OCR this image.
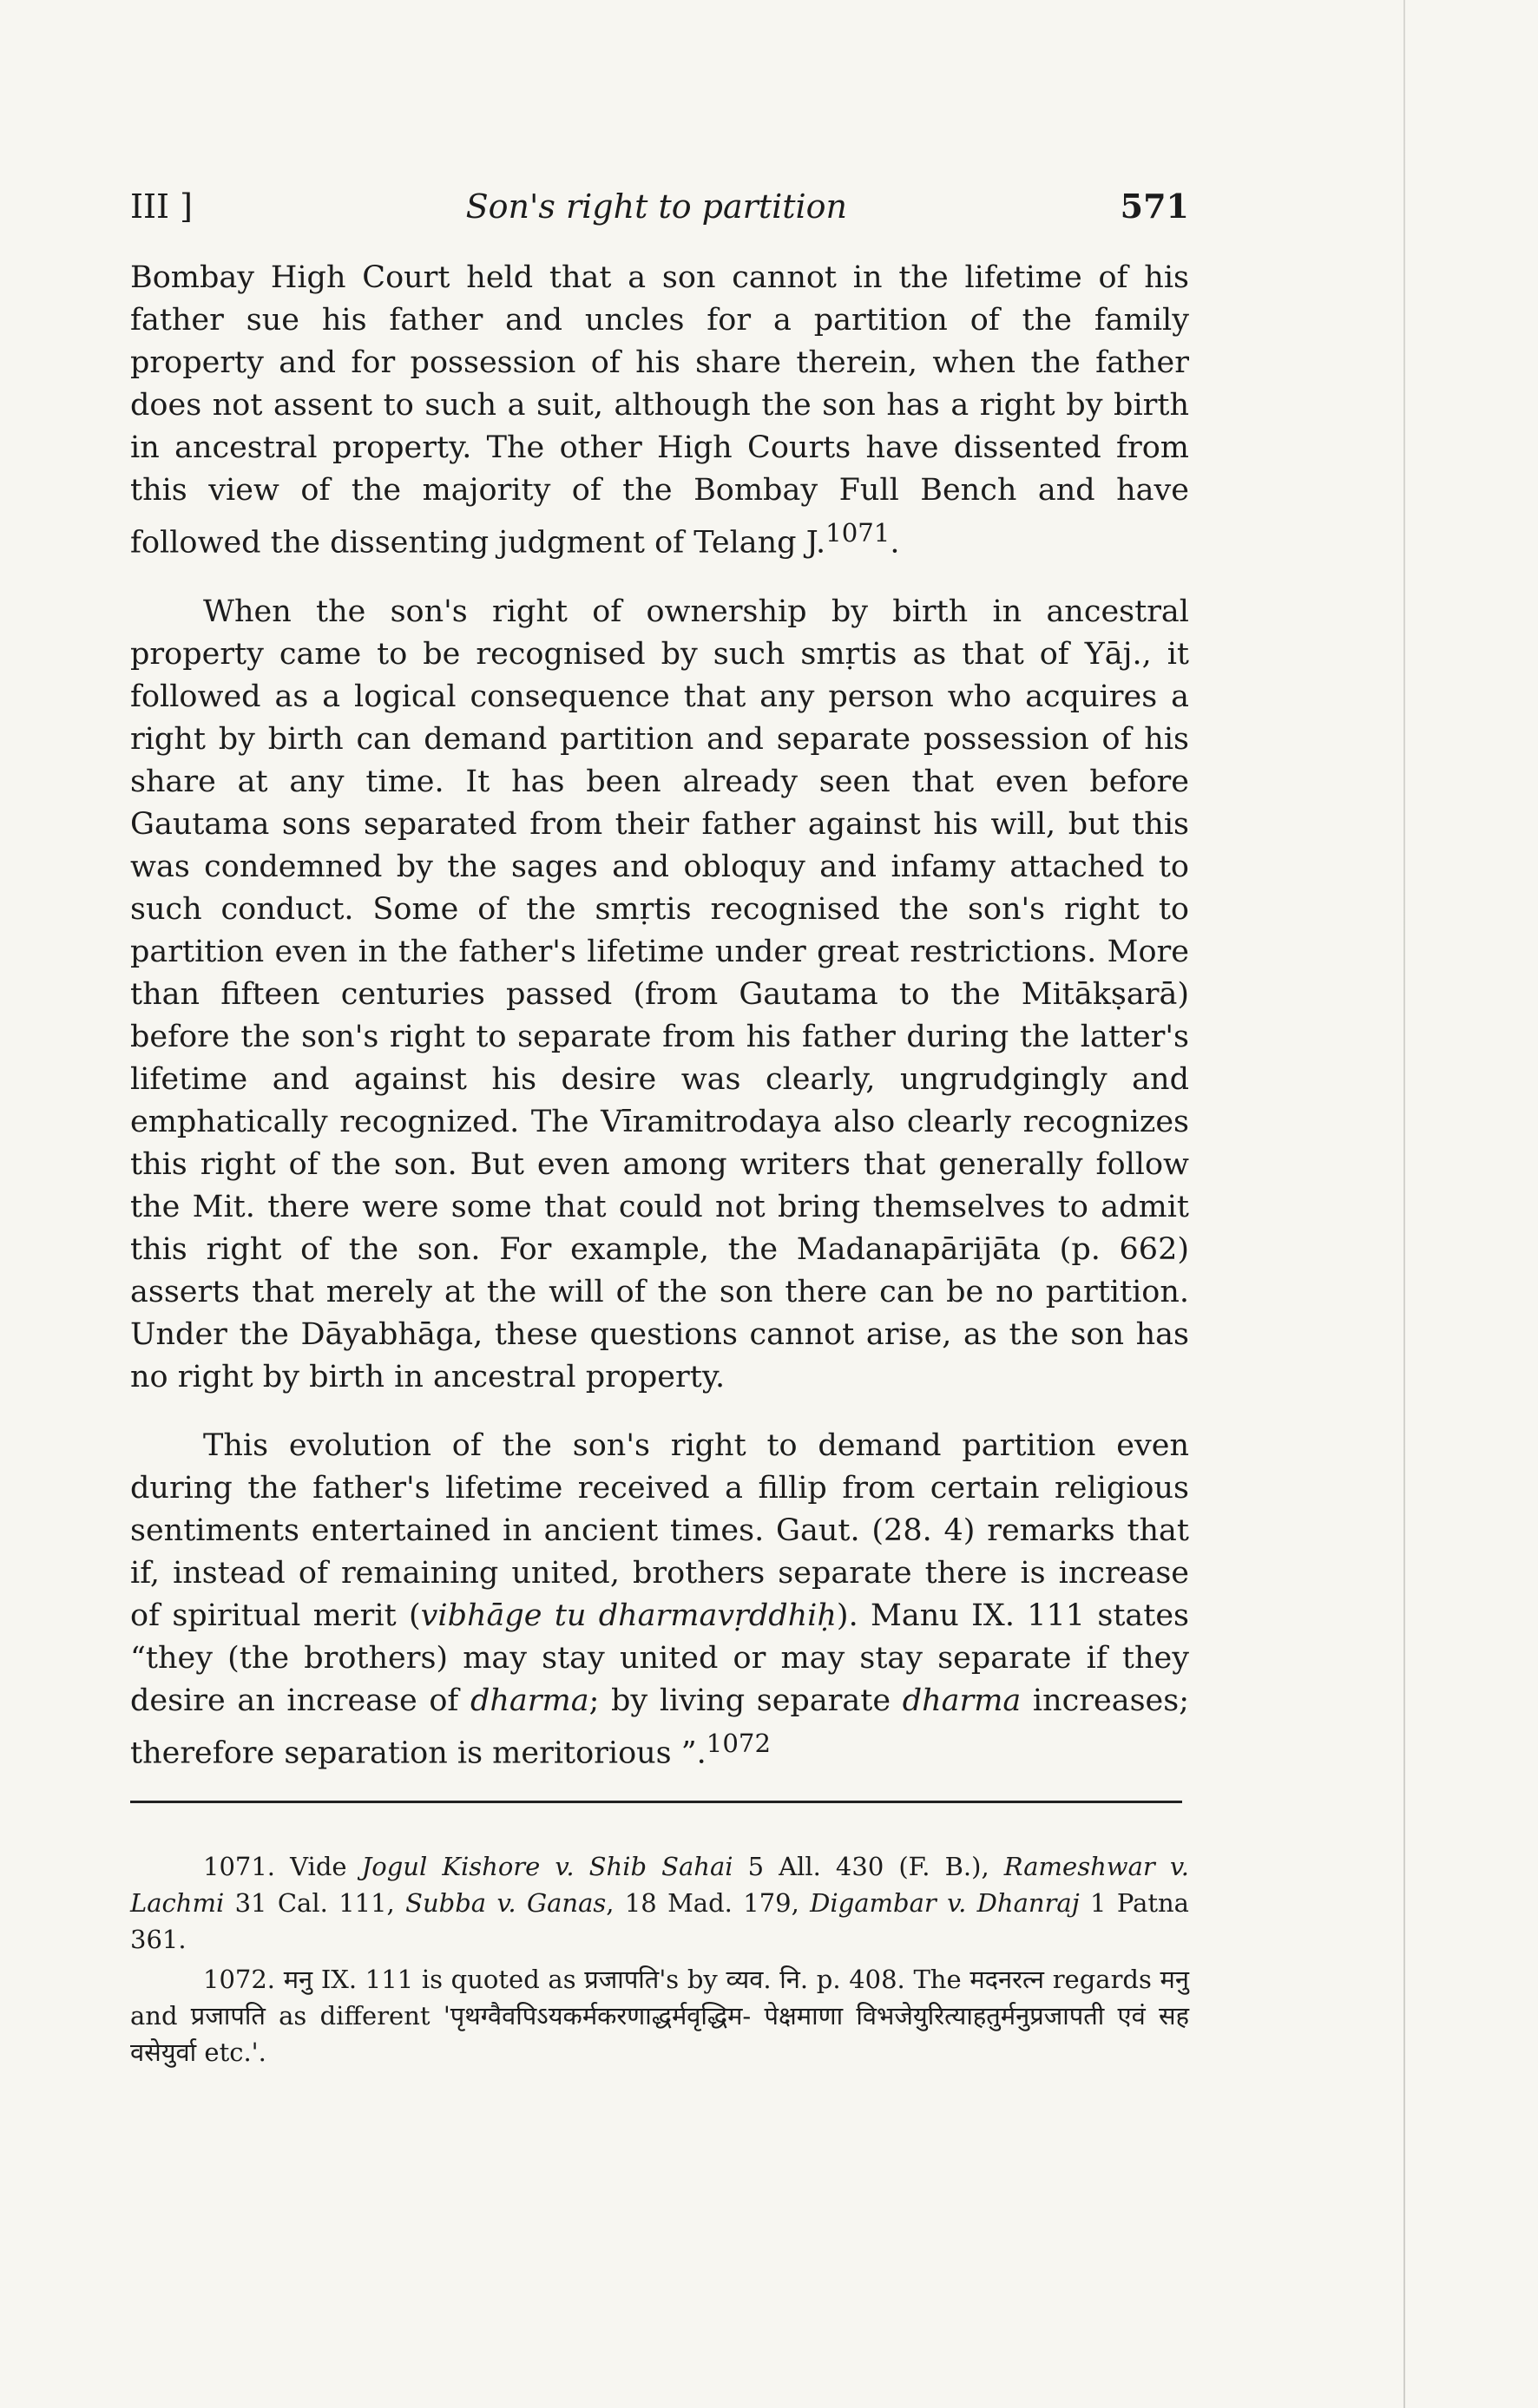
III ]	Son's right to partition	571

Bombay High Court held that a son cannot in the lifetime of his father sue his father and uncles for a partition of the family property and for possession of his share therein, when the father does not assent to such a suit, although the son has a right by birth in ancestral property. The other High Courts have dissented from this view of the majority of the Bombay Full Bench and have followed the dissenting judgment of Telang J.$^{1071}$.

When the son's right of ownership by birth in ancestral property came to be recognised by such smṛtis as that of Yāj., it followed as a logical consequence that any person who acquires a right by birth can demand partition and separate possession of his share at any time. It has been already seen that even before Gautama sons separated from their father against his will, but this was condemned by the sages and obloquy and infamy attached to such conduct. Some of the smṛtis recognised the son's right to partition even in the father's lifetime under great restrictions. More than fifteen centuries passed (from Gautama to the Mitākṣarā) before the son's right to separate from his father during the latter's lifetime and against his desire was clearly, ungrudgingly and emphatically recognized. The Vīramitrodaya also clearly recognizes this right of the son. But even among writers that generally follow the Mit. there were some that could not bring themselves to admit this right of the son. For example, the Madanapārijāta (p. 662) asserts that merely at the will of the son there can be no partition. Under the Dāyabhāga, these questions cannot arise, as the son has no right by birth in ancestral property.

This evolution of the son's right to demand partition even during the father's lifetime received a fillip from certain religious sentiments entertained in ancient times. Gaut. (28. 4) remarks that if, instead of remaining united, brothers separate there is increase of spiritual merit (vibhāge tu dharmavṛddhiḥ). Manu IX. 111 states “they (the brothers) may stay united or may stay separate if they desire an increase of dharma; by living separate dharma increases; therefore separation is meritorious ”.$^{1072}$

1071. Vide Jogul Kishore v. Shib Sahai 5 All. 430 (F. B.), Rameshwar v. Lachmi 31 Cal. 111, Subba v. Ganas, 18 Mad. 179, Digambar v. Dhanraj 1 Patna 361.

1072. मनु IX. 111 is quoted as प्रजापति's by व्यव. नि. p. 408. The मदनरत्न regards मनु and प्रजापति as different 'पृथग्वैवपिऽयकर्मकरणाद्धर्मवृद्धिम- पेक्षमाणा विभजेयुरित्याहतुर्मनुप्रजापती एवं सह वसेयुर्वा etc.'.
